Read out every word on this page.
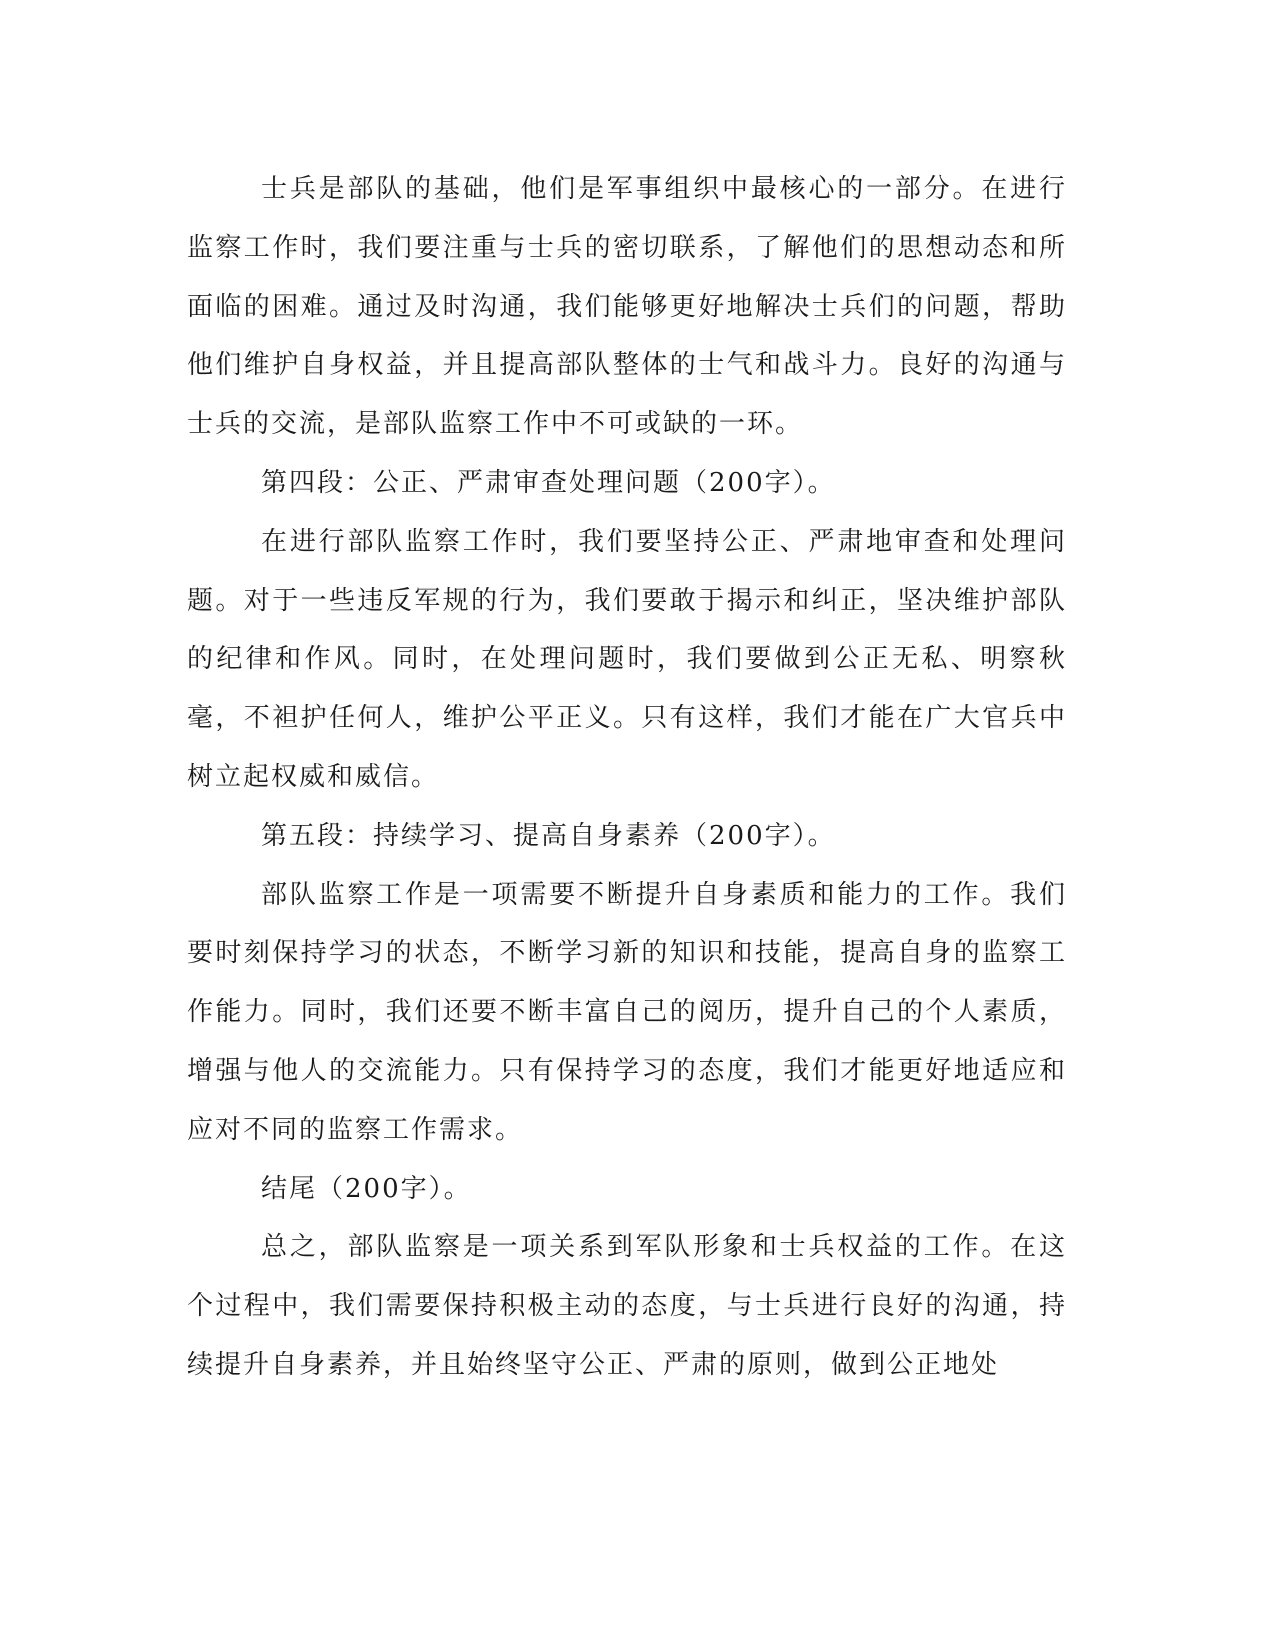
士兵是部队的基础，他们是军事组织中最核心的一部分。在进行监察工作时，我们要注重与士兵的密切联系，了解他们的思想动态和所面临的困难。通过及时沟通，我们能够更好地解决士兵们的问题，帮助他们维护自身权益，并且提高部队整体的士气和战斗力。良好的沟通与士兵的交流，是部队监察工作中不可或缺的一环。

第四段：公正、严肃审查处理问题（200字）。

在进行部队监察工作时，我们要坚持公正、严肃地审查和处理问题。对于一些违反军规的行为，我们要敢于揭示和纠正，坚决维护部队的纪律和作风。同时，在处理问题时，我们要做到公正无私、明察秋毫，不袒护任何人，维护公平正义。只有这样，我们才能在广大官兵中树立起权威和威信。

第五段：持续学习、提高自身素养（200字）。

部队监察工作是一项需要不断提升自身素质和能力的工作。我们要时刻保持学习的状态，不断学习新的知识和技能，提高自身的监察工作能力。同时，我们还要不断丰富自己的阅历，提升自己的个人素质，增强与他人的交流能力。只有保持学习的态度，我们才能更好地适应和应对不同的监察工作需求。

结尾（200字）。

总之，部队监察是一项关系到军队形象和士兵权益的工作。在这个过程中，我们需要保持积极主动的态度，与士兵进行良好的沟通，持续提升自身素养，并且始终坚守公正、严肃的原则，做到公正地处
